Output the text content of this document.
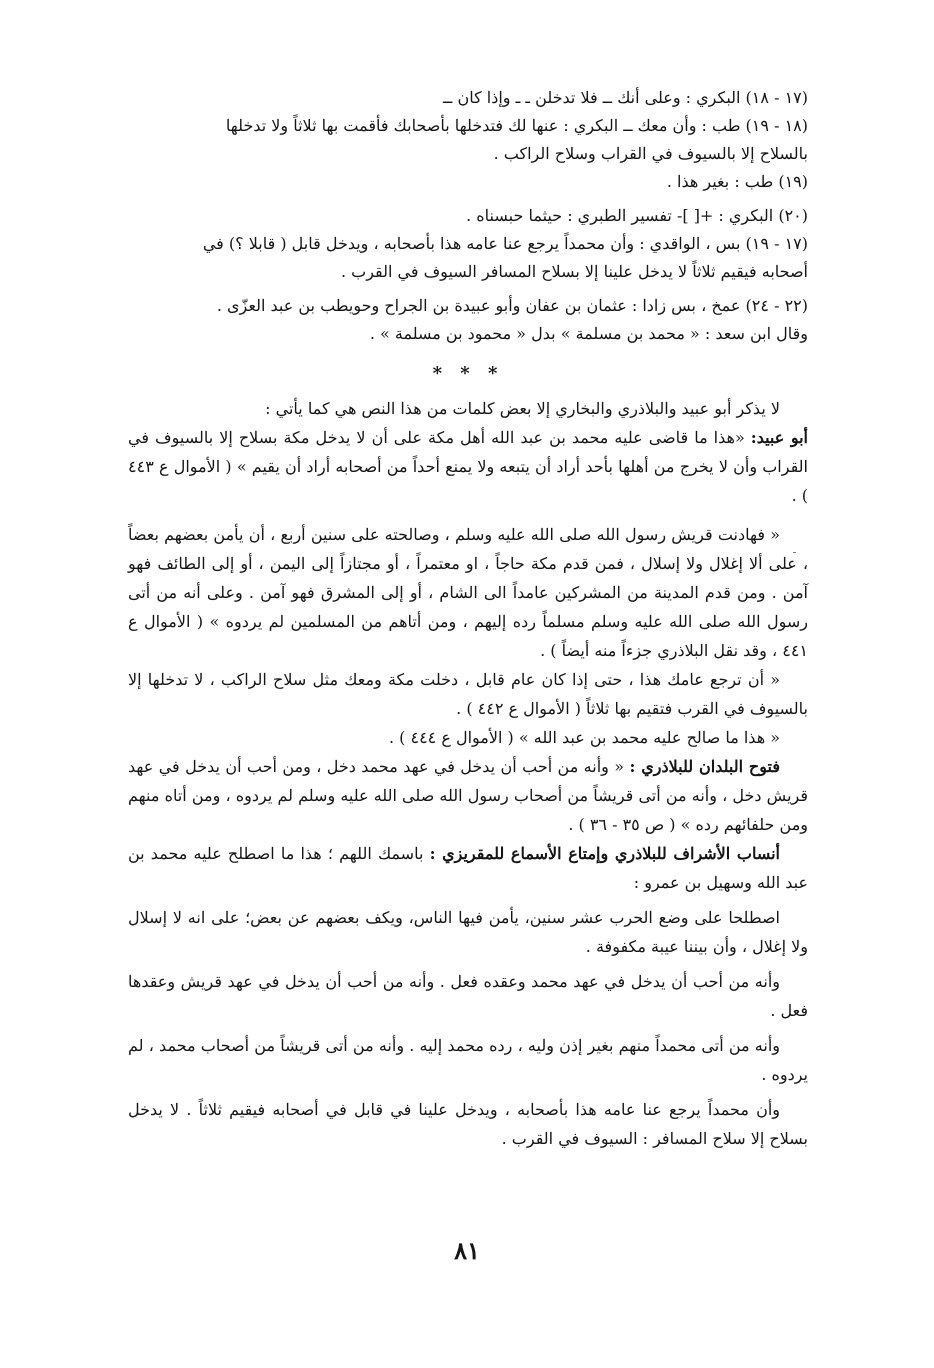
(١٧ - ١٨) البكري : وعلى أنك ــ فلا تدخلن ـ ـ وإذا كان ــ
(١٨ - ١٩) طب : وأن معك ــ البكري : عنها لك فتدخلها بأصحابك فأقمت بها ثلاثاً ولا تدخلها
بالسلاح إلا بالسيوف في القراب وسلاح الراكب .
(١٩) طب : بغير هذا .
(٢٠) البكري : +[ ]- تفسير الطبري : حيثما حبسناه .
(١٧ - ١٩) بس ، الواقدي : وأن محمداً يرجع عنا عامه هذا بأصحابه ، ويدخل قابل ( قابلا ؟) في
أصحابه فيقيم ثلاثاً لا يدخل علينا إلا بسلاح المسافر السيوف في القرب .
(٢٢ - ٢٤) عمخ ، بس زادا : عثمان بن عفان وأبو عبيدة بن الجراح وحويطب بن عبد العزّى .
وقال ابن سعد : « محمد بن مسلمة » بدل « محمود بن مسلمة » .
* * *

لا يذكر أبو عبيد والبلاذري والبخاري إلا بعض كلمات من هذا النص هي كما يأتي :

أبو عبيد: «هذا ما قاضى عليه محمد بن عبد الله أهل مكة على أن لا يدخل مكة بسلاح إلا بالسيوف في القراب وأن لا يخرج من أهلها بأحد أراد أن يتبعه ولا يمنع أحداً من أصحابه أراد أن يقيم » ( الأموال ع ٤٤٣ ) .

« فهادنت قريش رسول الله صلى الله عليه وسلم ، وصالحته على سنين أربع ، أن يأمن بعضهم بعضاً ، على ألا إغلال ولا إسلال ، فمن قدم مكة حاجاً ، او معتمراً ، أو مجتازاً إلى اليمن ، أو إلى الطائف فهو آمن . ومن قدم المدينة من المشركين عامداً الى الشام ، أو إلى المشرق فهو آمن . وعلى أنه من أتى رسول الله صلى الله عليه وسلم مسلماً رده إليهم ، ومن أتاهم من المسلمين لم يردوه » ( الأموال ع ٤٤١ ، وقد نقل البلاذري جزءاً منه أيضاً ) .

« أن ترجع عامك هذا ، حتى إذا كان عام قابل ، دخلت مكة ومعك مثل سلاح الراكب ، لا تدخلها إلا بالسيوف في القرب فتقيم بها ثلاثاً ( الأموال ع ٤٤٢ ) .

« هذا ما صالح عليه محمد بن عبد الله » ( الأموال ع ٤٤٤ ) .

فتوح البلدان للبلاذري : « وأنه من أحب أن يدخل في عهد محمد دخل ، ومن أحب أن يدخل في عهد قريش دخل ، وأنه من أتى قريشاً من أصحاب رسول الله صلى الله عليه وسلم لم يردوه ، ومن أتاه منهم ومن حلفائهم رده » ( ص ٣٥ - ٣٦ ) .

أنساب الأشراف للبلاذري وإمتاع الأسماع للمقريزي : باسمك اللهم ؛ هذا ما اصطلح عليه محمد بن عبد الله وسهيل بن عمرو :

اصطلحا على وضع الحرب عشر سنين، يأمن فيها الناس، ويكف بعضهم عن بعض؛ على انه لا إسلال ولا إغلال ، وأن بيننا عيبة مكفوفة .

وأنه من أحب أن يدخل في عهد محمد وعقده فعل . وأنه من أحب أن يدخل في عهد قريش وعقدها فعل .

وأنه من أتى محمداً منهم بغير إذن وليه ، رده محمد إليه . وأنه من أتى قريشاً من أصحاب محمد ، لم يردوه .

وأن محمداً يرجع عنا عامه هذا بأصحابه ، ويدخل علينا في قابل في أصحابه فيقيم ثلاثاً . لا يدخل بسلاح إلا سلاح المسافر : السيوف في القرب .

٨١
